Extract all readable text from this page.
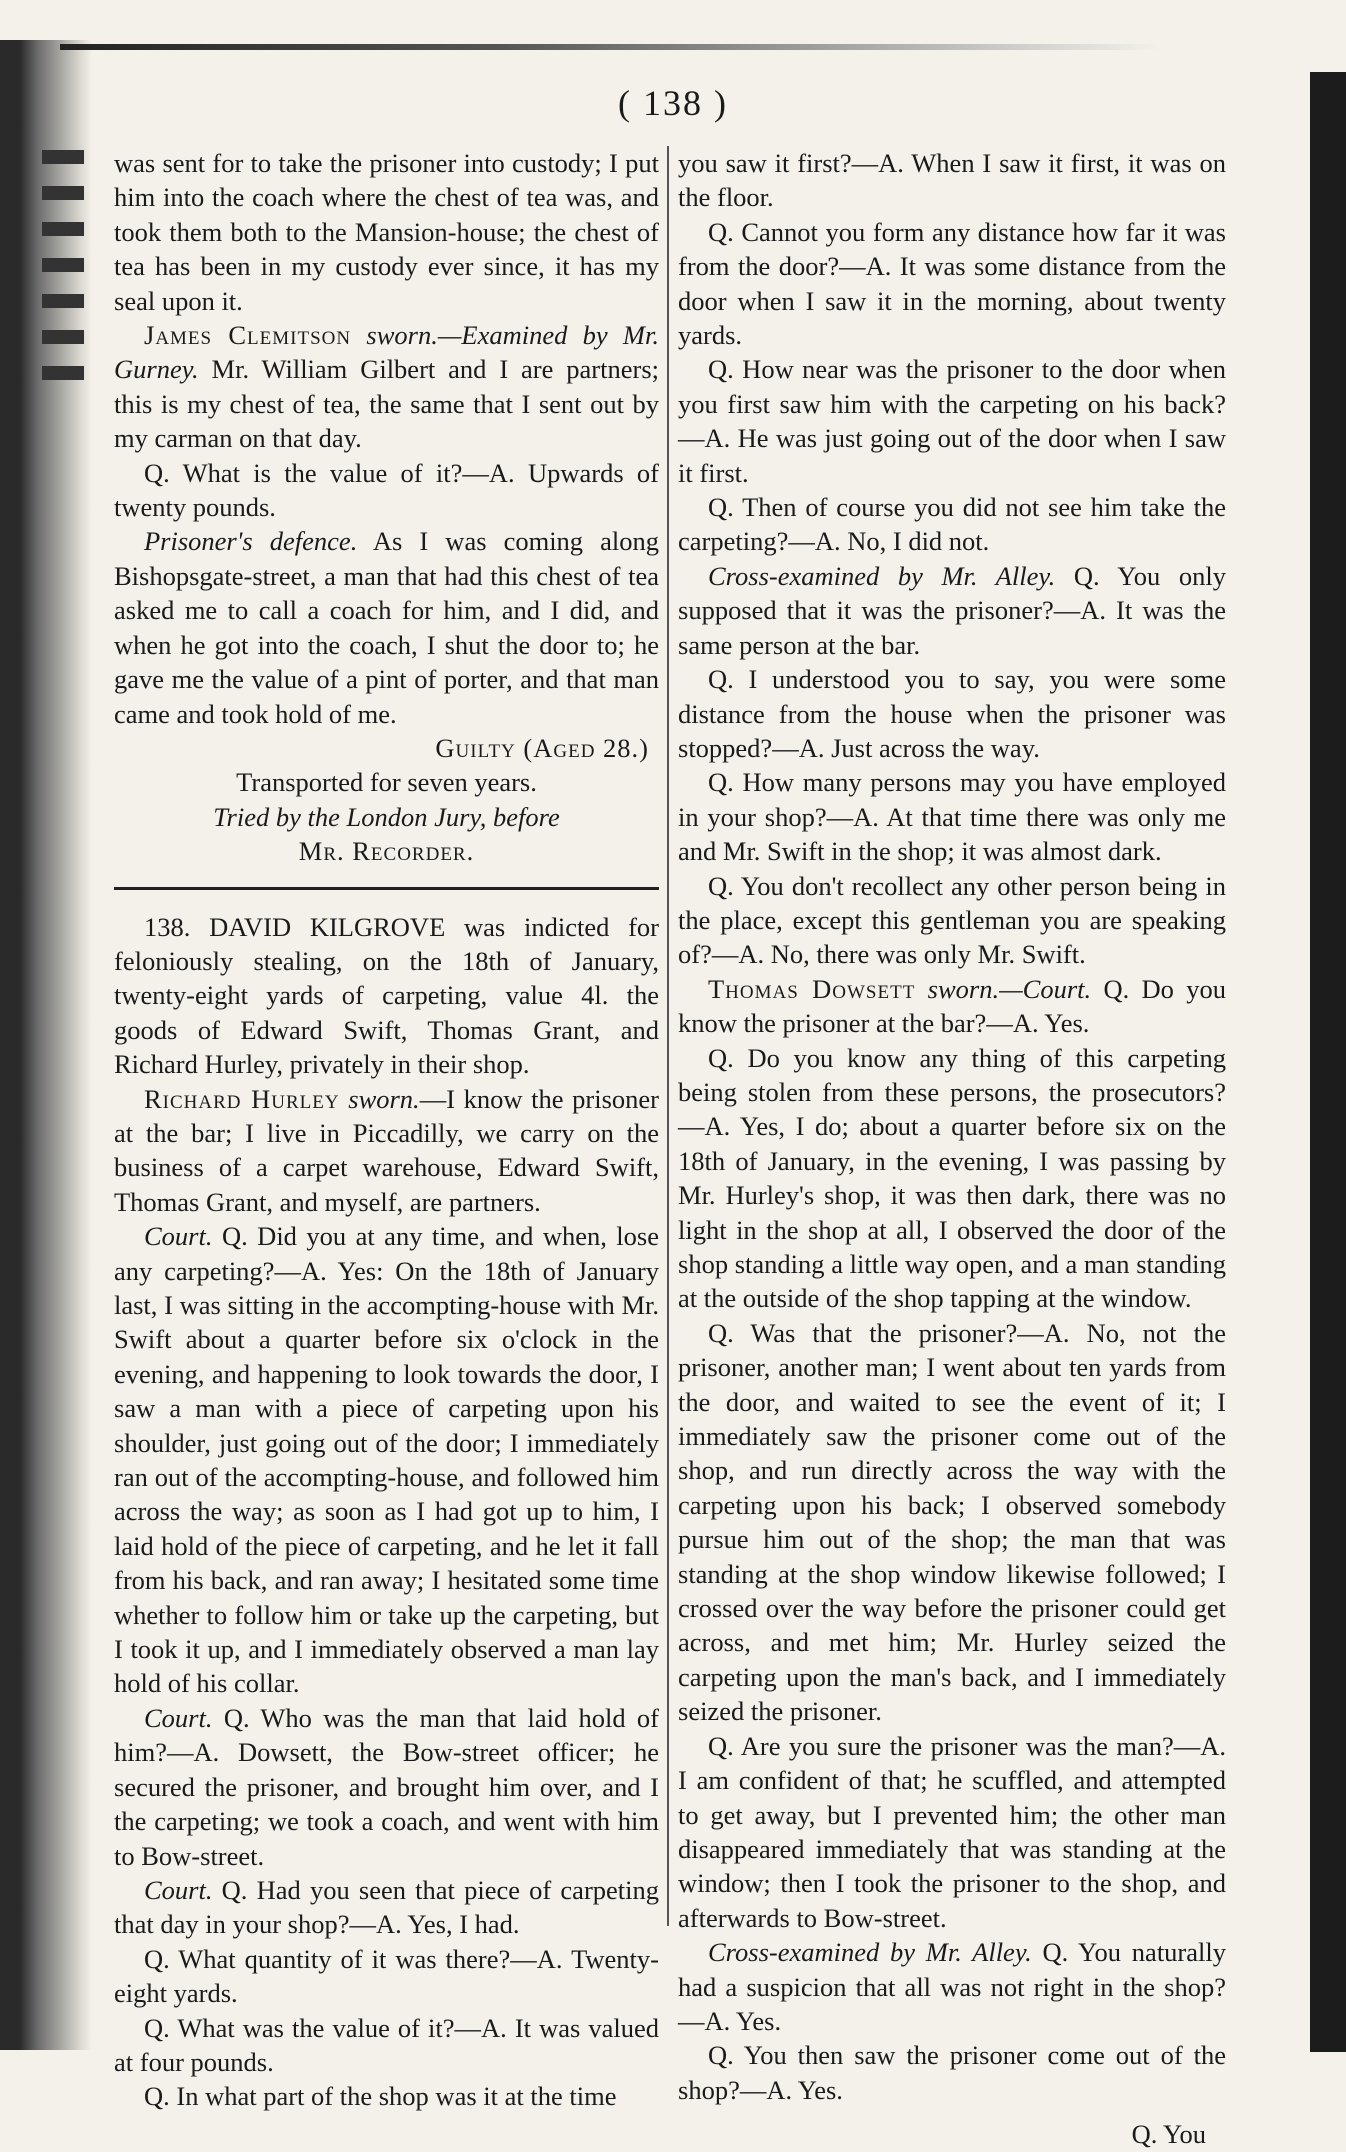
( 138 )

was sent for to take the prisoner into custody; I put him into the coach where the chest of tea was, and took them both to the Mansion-house; the chest of tea has been in my custody ever since, it has my seal upon it.

James Clemitson sworn.—Examined by Mr. Gurney. Mr. William Gilbert and I are partners; this is my chest of tea, the same that I sent out by my carman on that day.

Q. What is the value of it?—A. Upwards of twenty pounds.

Prisoner's defence. As I was coming along Bishopsgate-street, a man that had this chest of tea asked me to call a coach for him, and I did, and when he got into the coach, I shut the door to; he gave me the value of a pint of porter, and that man came and took hold of me.

Guilty (Aged 28.)

Transported for seven years.

Tried by the London Jury, before

Mr. Recorder.

138. DAVID KILGROVE was indicted for feloniously stealing, on the 18th of January, twenty-eight yards of carpeting, value 4l. the goods of Edward Swift, Thomas Grant, and Richard Hurley, privately in their shop.

Richard Hurley sworn.—I know the prisoner at the bar; I live in Piccadilly, we carry on the business of a carpet warehouse, Edward Swift, Thomas Grant, and myself, are partners.

Court. Q. Did you at any time, and when, lose any carpeting?—A. Yes: On the 18th of January last, I was sitting in the accompting-house with Mr. Swift about a quarter before six o'clock in the evening, and happening to look towards the door, I saw a man with a piece of carpeting upon his shoulder, just going out of the door; I immediately ran out of the accompting-house, and followed him across the way; as soon as I had got up to him, I laid hold of the piece of carpeting, and he let it fall from his back, and ran away; I hesitated some time whether to follow him or take up the carpeting, but I took it up, and I immediately observed a man lay hold of his collar.

Court. Q. Who was the man that laid hold of him?—A. Dowsett, the Bow-street officer; he secured the prisoner, and brought him over, and I the carpeting; we took a coach, and went with him to Bow-street.

Court. Q. Had you seen that piece of carpeting that day in your shop?—A. Yes, I had.

Q. What quantity of it was there?—A. Twenty-eight yards.

Q. What was the value of it?—A. It was valued at four pounds.

Q. In what part of the shop was it at the time

you saw it first?—A. When I saw it first, it was on the floor.

Q. Cannot you form any distance how far it was from the door?—A. It was some distance from the door when I saw it in the morning, about twenty yards.

Q. How near was the prisoner to the door when you first saw him with the carpeting on his back?—A. He was just going out of the door when I saw it first.

Q. Then of course you did not see him take the carpeting?—A. No, I did not.

Cross-examined by Mr. Alley. Q. You only supposed that it was the prisoner?—A. It was the same person at the bar.

Q. I understood you to say, you were some distance from the house when the prisoner was stopped?—A. Just across the way.

Q. How many persons may you have employed in your shop?—A. At that time there was only me and Mr. Swift in the shop; it was almost dark.

Q. You don't recollect any other person being in the place, except this gentleman you are speaking of?—A. No, there was only Mr. Swift.

Thomas Dowsett sworn.—Court. Q. Do you know the prisoner at the bar?—A. Yes.

Q. Do you know any thing of this carpeting being stolen from these persons, the prosecutors?—A. Yes, I do; about a quarter before six on the 18th of January, in the evening, I was passing by Mr. Hurley's shop, it was then dark, there was no light in the shop at all, I observed the door of the shop standing a little way open, and a man standing at the outside of the shop tapping at the window.

Q. Was that the prisoner?—A. No, not the prisoner, another man; I went about ten yards from the door, and waited to see the event of it; I immediately saw the prisoner come out of the shop, and run directly across the way with the carpeting upon his back; I observed somebody pursue him out of the shop; the man that was standing at the shop window likewise followed; I crossed over the way before the prisoner could get across, and met him; Mr. Hurley seized the carpeting upon the man's back, and I immediately seized the prisoner.

Q. Are you sure the prisoner was the man?—A. I am confident of that; he scuffled, and attempted to get away, but I prevented him; the other man disappeared immediately that was standing at the window; then I took the prisoner to the shop, and afterwards to Bow-street.

Cross-examined by Mr. Alley. Q. You naturally had a suspicion that all was not right in the shop?—A. Yes.

Q. You then saw the prisoner come out of the shop?—A. Yes.

Q. You
